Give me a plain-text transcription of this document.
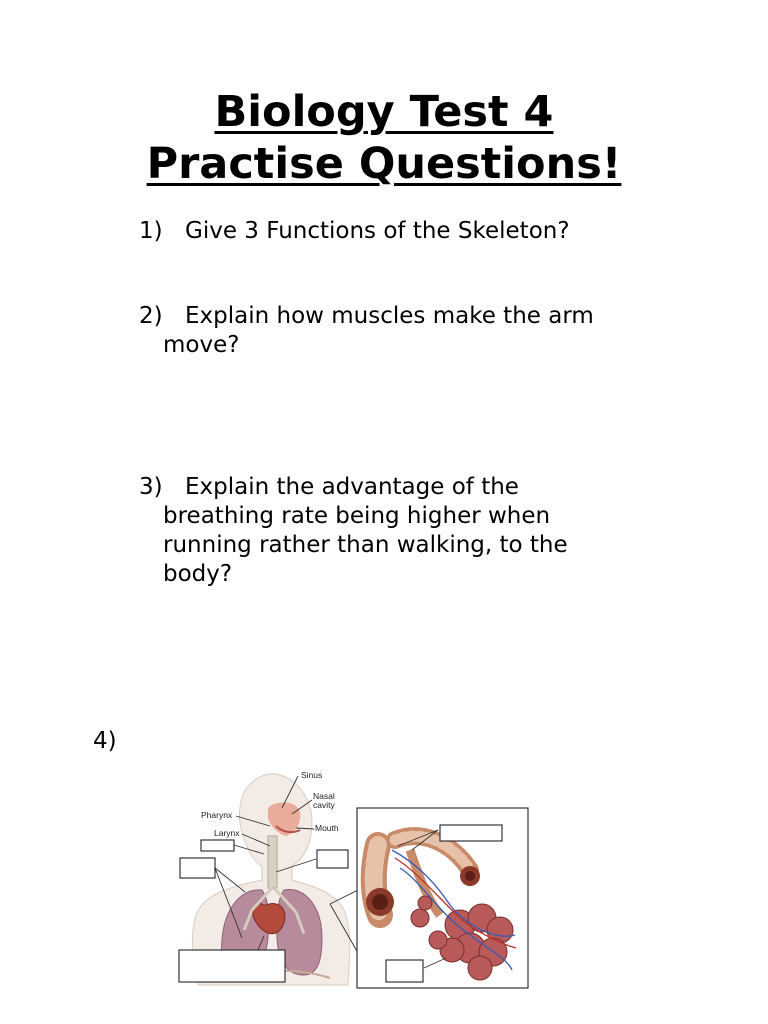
Biology Test 4
Practise Questions!
1) Give 3 Functions of the Skeleton?
2) Explain how muscles make the arm
move?
3) Explain the advantage of the
breathing rate being higher when
running rather than walking, to the
body?
4)
Sinus
Nasal
cavity
Mouth
Pharynx
Larynx
